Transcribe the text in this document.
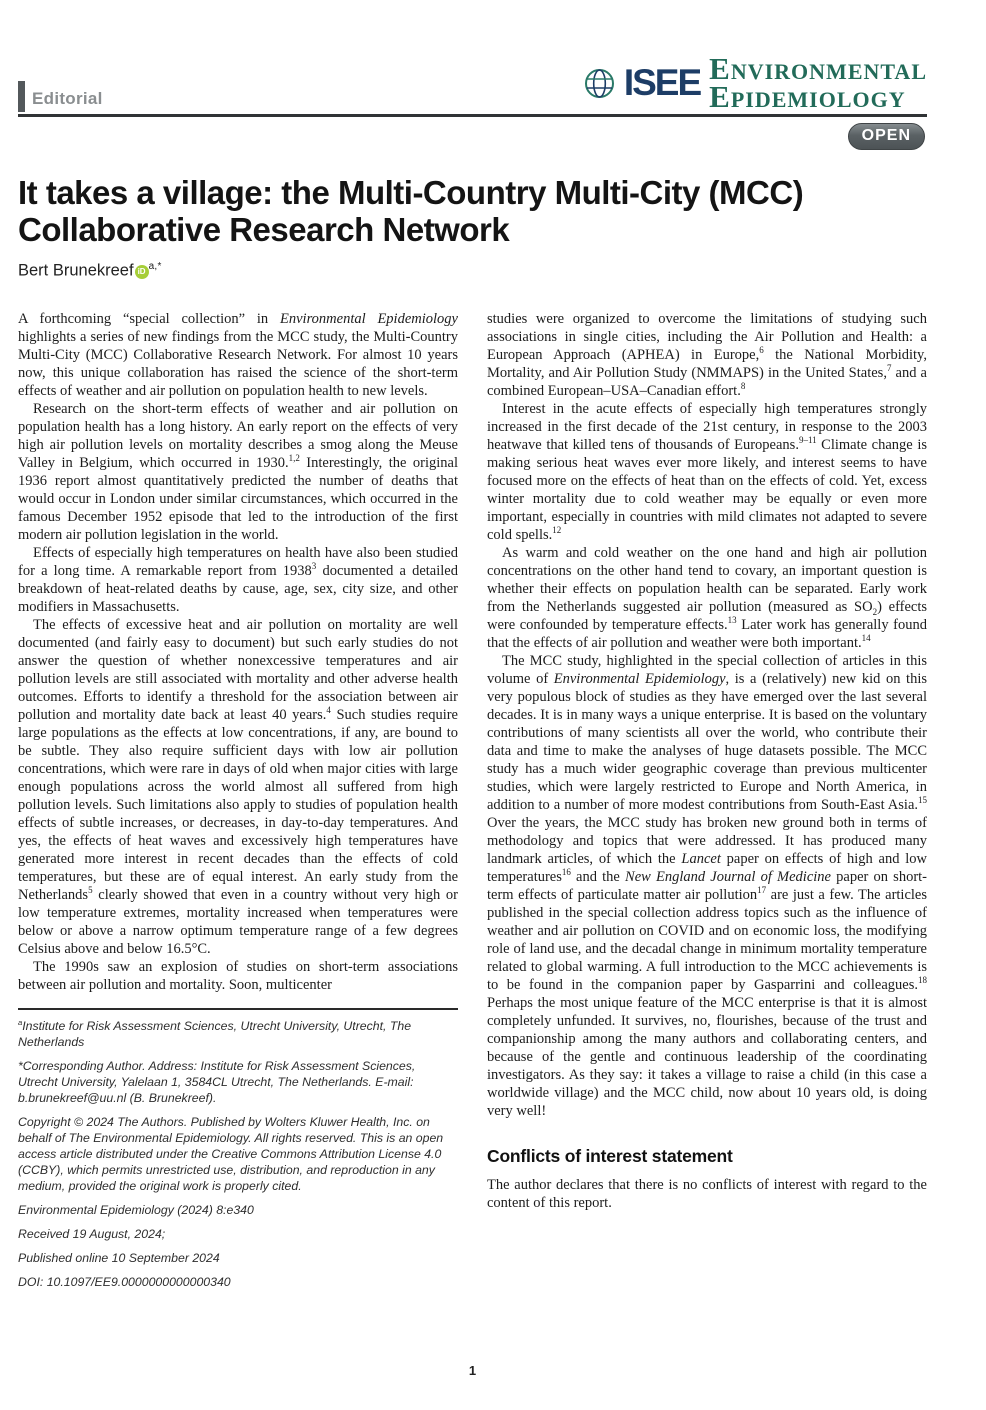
Editorial	ISEE Environmental
Epidemiology
OPEN
It takes a village: the Multi-Country Multi-City (MCC) Collaborative Research Network
Bert Brunekreef iD $^{a,*}$

A forthcoming “special collection” in Environmental Epidemiology highlights a series of new findings from the MCC study, the Multi-Country Multi-City (MCC) Collaborative Research Network. For almost 10 years now, this unique collaboration has raised the science of the short-term effects of weather and air pollution on population health to new levels.

Research on the short-term effects of weather and air pollution on population health has a long history. An early report on the effects of very high air pollution levels on mortality describes a smog along the Meuse Valley in Belgium, which occurred in 1930.$^{1,2}$ Interestingly, the original 1936 report almost quantitatively predicted the number of deaths that would occur in London under similar circumstances, which occurred in the famous December 1952 episode that led to the introduction of the first modern air pollution legislation in the world.

Effects of especially high temperatures on health have also been studied for a long time. A remarkable report from 1938$^3$ documented a detailed breakdown of heat-related deaths by cause, age, sex, city size, and other modifiers in Massachusetts.

The effects of excessive heat and air pollution on mortality are well documented (and fairly easy to document) but such early studies do not answer the question of whether nonexcessive temperatures and air pollution levels are still associated with mortality and other adverse health outcomes. Efforts to identify a threshold for the association between air pollution and mortality date back at least 40 years.$^4$ Such studies require large populations as the effects at low concentrations, if any, are bound to be subtle. They also require sufficient days with low air pollution concentrations, which were rare in days of old when major cities with large enough populations across the world almost all suffered from high pollution levels. Such limitations also apply to studies of population health effects of subtle increases, or decreases, in day-to-day temperatures. And yes, the effects of heat waves and excessively high temperatures have generated more interest in recent decades than the effects of cold temperatures, but these are of equal interest. An early study from the Netherlands$^5$ clearly showed that even in a country without very high or low temperature extremes, mortality increased when temperatures were below or above a narrow optimum temperature range of a few degrees Celsius above and below 16.5°C.

The 1990s saw an explosion of studies on short-term associations between air pollution and mortality. Soon, multicenter

$^a$Institute for Risk Assessment Sciences, Utrecht University, Utrecht, The Netherlands

*Corresponding Author. Address: Institute for Risk Assessment Sciences, Utrecht University, Yalelaan 1, 3584CL Utrecht, The Netherlands. E-mail: b.brunekreef@uu.nl (B. Brunekreef).

Copyright © 2024 The Authors. Published by Wolters Kluwer Health, Inc. on behalf of The Environmental Epidemiology. All rights reserved. This is an open access article distributed under the Creative Commons Attribution License 4.0 (CCBY), which permits unrestricted use, distribution, and reproduction in any medium, provided the original work is properly cited.

Environmental Epidemiology (2024) 8:e340

Received 19 August, 2024;

Published online 10 September 2024

DOI: 10.1097/EE9.0000000000000340

studies were organized to overcome the limitations of studying such associations in single cities, including the Air Pollution and Health: a European Approach (APHEA) in Europe,$^6$ the National Morbidity, Mortality, and Air Pollution Study (NMMAPS) in the United States,$^7$ and a combined European–USA–Canadian effort.$^8$

Interest in the acute effects of especially high temperatures strongly increased in the first decade of the 21st century, in response to the 2003 heatwave that killed tens of thousands of Europeans.$^{9-11}$ Climate change is making serious heat waves ever more likely, and interest seems to have focused more on the effects of heat than on the effects of cold. Yet, excess winter mortality due to cold weather may be equally or even more important, especially in countries with mild climates not adapted to severe cold spells.$^{12}$

As warm and cold weather on the one hand and high air pollution concentrations on the other hand tend to covary, an important question is whether their effects on population health can be separated. Early work from the Netherlands suggested air pollution (measured as $SO_2$) effects were confounded by temperature effects.$^{13}$ Later work has generally found that the effects of air pollution and weather were both important.$^{14}$

The MCC study, highlighted in the special collection of articles in this volume of Environmental Epidemiology, is a (relatively) new kid on this very populous block of studies as they have emerged over the last several decades. It is in many ways a unique enterprise. It is based on the voluntary contributions of many scientists all over the world, who contribute their data and time to make the analyses of huge datasets possible. The MCC study has a much wider geographic coverage than previous multicenter studies, which were largely restricted to Europe and North America, in addition to a number of more modest contributions from South-East Asia.$^{15}$ Over the years, the MCC study has broken new ground both in terms of methodology and topics that were addressed. It has produced many landmark articles, of which the Lancet paper on effects of high and low temperatures$^{16}$ and the New England Journal of Medicine paper on short-term effects of particulate matter air pollution$^{17}$ are just a few. The articles published in the special collection address topics such as the influence of weather and air pollution on COVID and on economic loss, the modifying role of land use, and the decadal change in minimum mortality temperature related to global warming. A full introduction to the MCC achievements is to be found in the companion paper by Gasparrini and colleagues.$^{18}$ Perhaps the most unique feature of the MCC enterprise is that it is almost completely unfunded. It survives, no, flourishes, because of the trust and companionship among the many authors and collaborating centers, and because of the gentle and continuous leadership of the coordinating investigators. As they say: it takes a village to raise a child (in this case a worldwide village) and the MCC child, now about 10 years old, is doing very well!

Conflicts of interest statement

The author declares that there is no conflicts of interest with regard to the content of this report.

1
